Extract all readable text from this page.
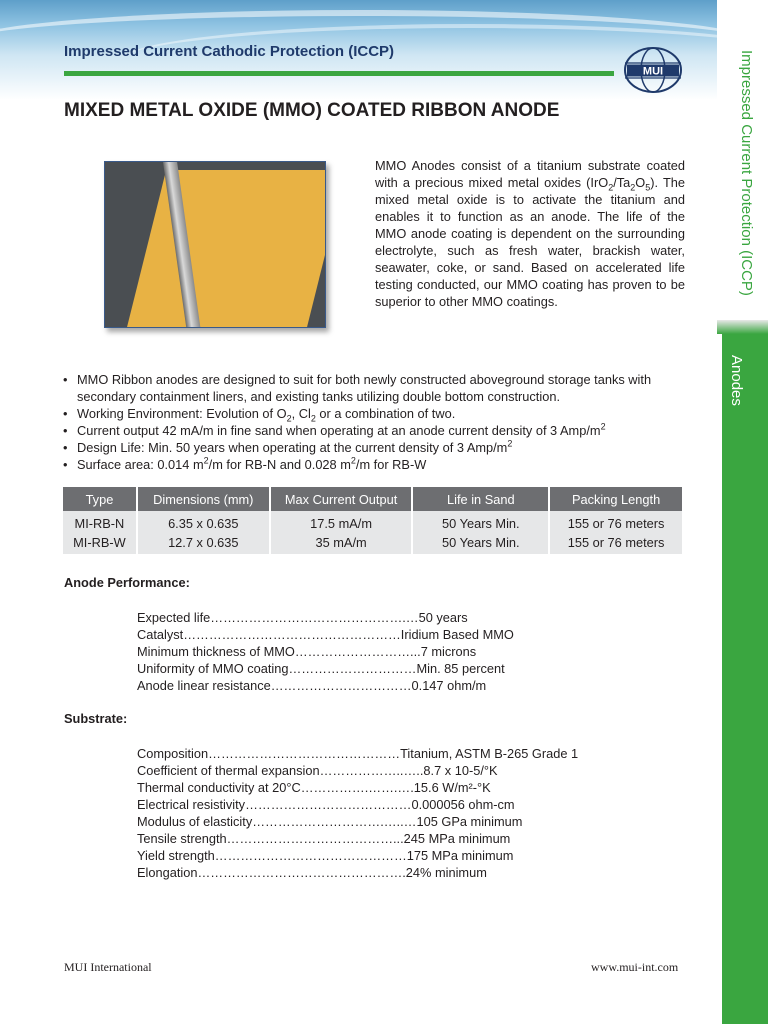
Impressed Current Protection (ICCP)
Anodes
Impressed Current Cathodic Protection (ICCP)
MUI
MIXED METAL OXIDE (MMO) COATED RIBBON ANODE
MMO Anodes consist of a titanium substrate coated with a precious mixed metal oxides $(IrO_2/Ta_2O_5)$. The mixed metal oxide is to activate the titanium and enables it to function as an anode. The life of the MMO anode coating is dependent on the surrounding electrolyte, such as fresh water, brackish water, seawater, coke, or sand. Based on accelerated life testing conducted, our MMO coating has proven to be superior to other MMO coatings.
• MMO Ribbon anodes are designed to suit for both newly constructed aboveground storage tanks with secondary containment liners, and existing tanks utilizing double bottom construction.
• Working Environment: Evolution of $O_2$, $Cl_2$ or a combination of two.
• Current output 42 mA/m in fine sand when operating at an anode current density of 3 Amp/$m^2$
• Design Life: Min. 50 years when operating at the current density of 3 Amp/$m^2$
• Surface area: 0.014 $m^2/m$ for RB-N and 0.028 $m^2/m$ for RB-W
Type	Dimensions (mm)	Max Current Output	Life in Sand	Packing Length
MI-RB-N	6.35 x 0.635	17.5 mA/m	50 Years Min.	155 or 76 meters
MI-RB-W	12.7 x 0.635	35 mA/m	50 Years Min.	155 or 76 meters
Anode Performance:
Expected life ……………………………………….… 50 years
Catalyst …………………………………………… Iridium Based MMO
Minimum thickness of MMO ………………………... 7 microns
Uniformity of MMO coating ………………………… Min. 85 percent
Anode linear resistance …………………………… 0.147 ohm/m
Substrate:
Composition ……………………………………… Titanium, ASTM B-265 Grade 1
Coefficient of thermal expansion ………………..….. 8.7 x 10-5/°K
Thermal conductivity at 20°C …………….…….…. 15.6 W/m²-°K
Electrical resistivity ………………………………… 0.000056 ohm-cm
Modulus of elasticity ………………………….…..… 105 GPa minimum
Tensile strength …………………………………... 245 MPa minimum
Yield strength ……………………………………… 175 MPa minimum
Elongation …………………………………………. 24% minimum
MUI International	www.mui-int.com
